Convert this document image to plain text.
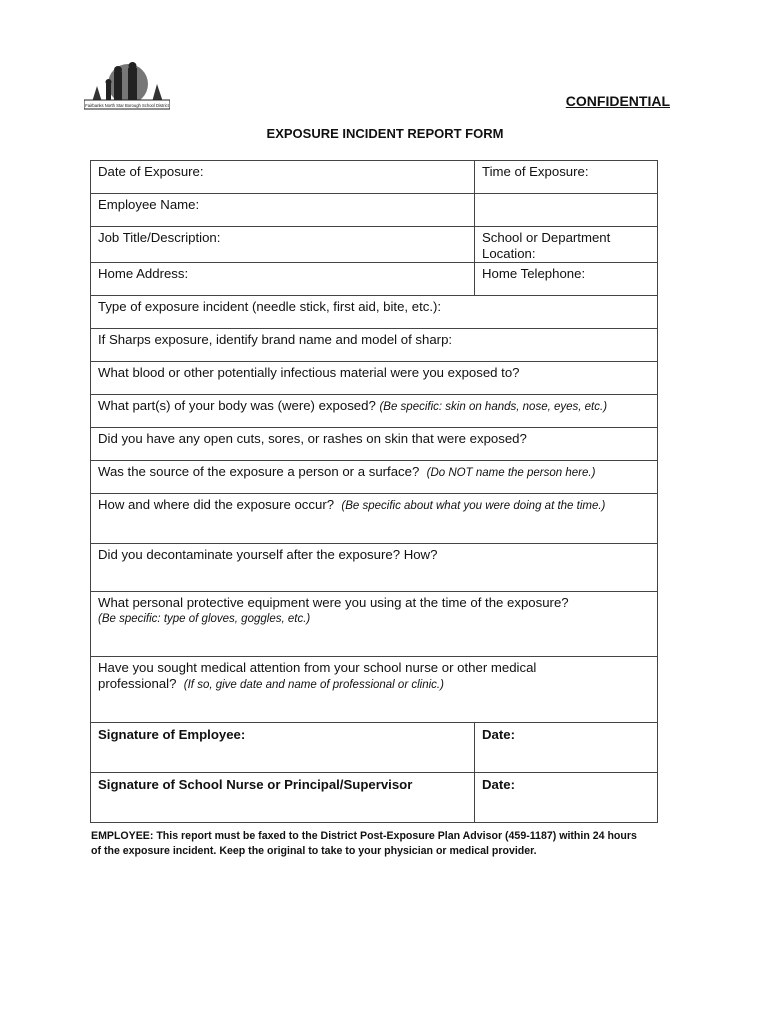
Fairbanks North Star Borough School District	CONFIDENTIAL
EXPOSURE INCIDENT REPORT FORM
Date of Exposure:	Time of Exposure:
Employee Name:	
Job Title/Description:	School or Department Location:
Home Address:	Home Telephone:
Type of exposure incident (needle stick, first aid, bite, etc.):	
If Sharps exposure, identify brand name and model of sharp:	
What blood or other potentially infectious material were you exposed to?	
What part(s) of your body was (were) exposed? (Be specific: skin on hands, nose, eyes, etc.)	
Did you have any open cuts, sores, or rashes on skin that were exposed?	
Was the source of the exposure a person or a surface? (Do NOT name the person here.)	
How and where did the exposure occur? (Be specific about what you were doing at the time.)	
Did you decontaminate yourself after the exposure? How?	

What personal protective equipment were you using at the time of the exposure?
(Be specific: type of gloves, goggles, etc.)	

Have you sought medical attention from your school nurse or other medical
professional? (If so, give date and name of professional or clinic.)	

Signature of Employee:	Date:
Signature of School Nurse or Principal/Supervisor	Date:
EMPLOYEE: This report must be faxed to the District Post-Exposure Plan Advisor (459-1187) within 24 hours
of the exposure incident. Keep the original to take to your physician or medical provider.
